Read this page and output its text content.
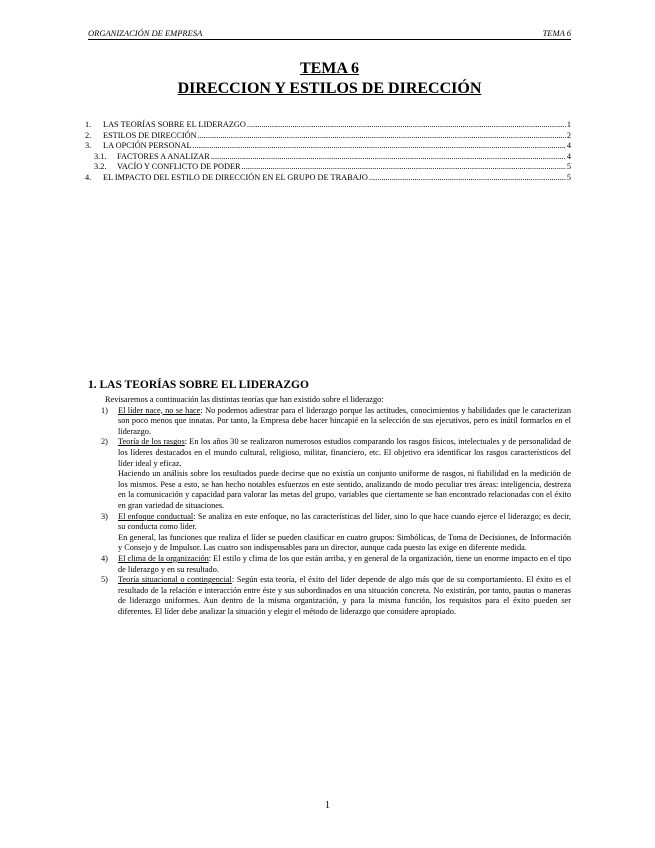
ORGANIZACIÓN DE EMPRESA	TEMA 6
TEMA 6
DIRECCION Y ESTILOS DE DIRECCIÓN
1.	LAS TEORÍAS SOBRE EL LIDERAZGO .....	1
2.	ESTILOS DE DIRECCIÓN .....	2
3.	LA OPCIÓN PERSONAL .....	4
3.1.	FACTORES A ANALIZAR .....	4
3.2.	VACÍO Y CONFLICTO DE PODER .....	5
4.	EL IMPACTO DEL ESTILO DE DIRECCIÓN EN EL GRUPO DE TRABAJO .....	5
1. LAS TEORÍAS SOBRE EL LIDERAZGO

Revisaremos a continuación las distintas teorías que han existido sobre el liderazgo:

1)	El líder nace, no se hace: No podemos adiestrar para el liderazgo porque las actitudes, conocimientos y habilidades que le caracterizan son poco menos que innatas. Por tanto, la Empresa debe hacer hincapié en la selección de sus ejecutivos, pero es inútil formarlos en el liderazgo.

2)	Teoría de los rasgos: En los años 30 se realizaron numerosos estudios comparando los rasgos físicos, intelectuales y de personalidad de los líderes destacados en el mundo cultural, religioso, militar, financiero, etc. El objetivo era identificar los rasgos característicos del líder ideal y eficaz.

Haciendo un análisis sobre los resultados puede decirse que no existía un conjunto uniforme de rasgos, ni fiabilidad en la medición de los mismos. Pese a esto, se han hecho notables esfuerzos en este sentido, analizando de modo peculiar tres áreas: inteligencia, destreza en la comunicación y capacidad para valorar las metas del grupo, variables que ciertamente se han encontrado relacionadas con el éxito en gran variedad de situaciones.

3)	El enfoque conductual: Se analiza en este enfoque, no las características del líder, sino lo que hace cuando ejerce el liderazgo; es decir, su conducta como líder.

En general, las funciones que realiza el líder se pueden clasificar en cuatro grupos: Simbólicas, de Toma de Decisiones, de Información y Consejo y de Impulsor. Las cuatro son indispensables para un director, aunque cada puesto las exige en diferente medida.

4)	El clima de la organización: El estilo y clima de los que están arriba, y en general de la organización, tiene un enorme impacto en el tipo de liderazgo y en su resultado.

5)	Teoría situacional o contingencial: Según esta teoría, el éxito del líder depende de algo más que de su comportamiento. El éxito es el resultado de la relación e interacción entre éste y sus subordinados en una situación concreta. No existirán, por tanto, pautas o maneras de liderazgo uniformes. Aun dentro de la misma organización, y para la misma función, los requisitos para el éxito pueden ser diferentes. El líder debe analizar la situación y elegir el método de liderazgo que considere apropiado.

1
